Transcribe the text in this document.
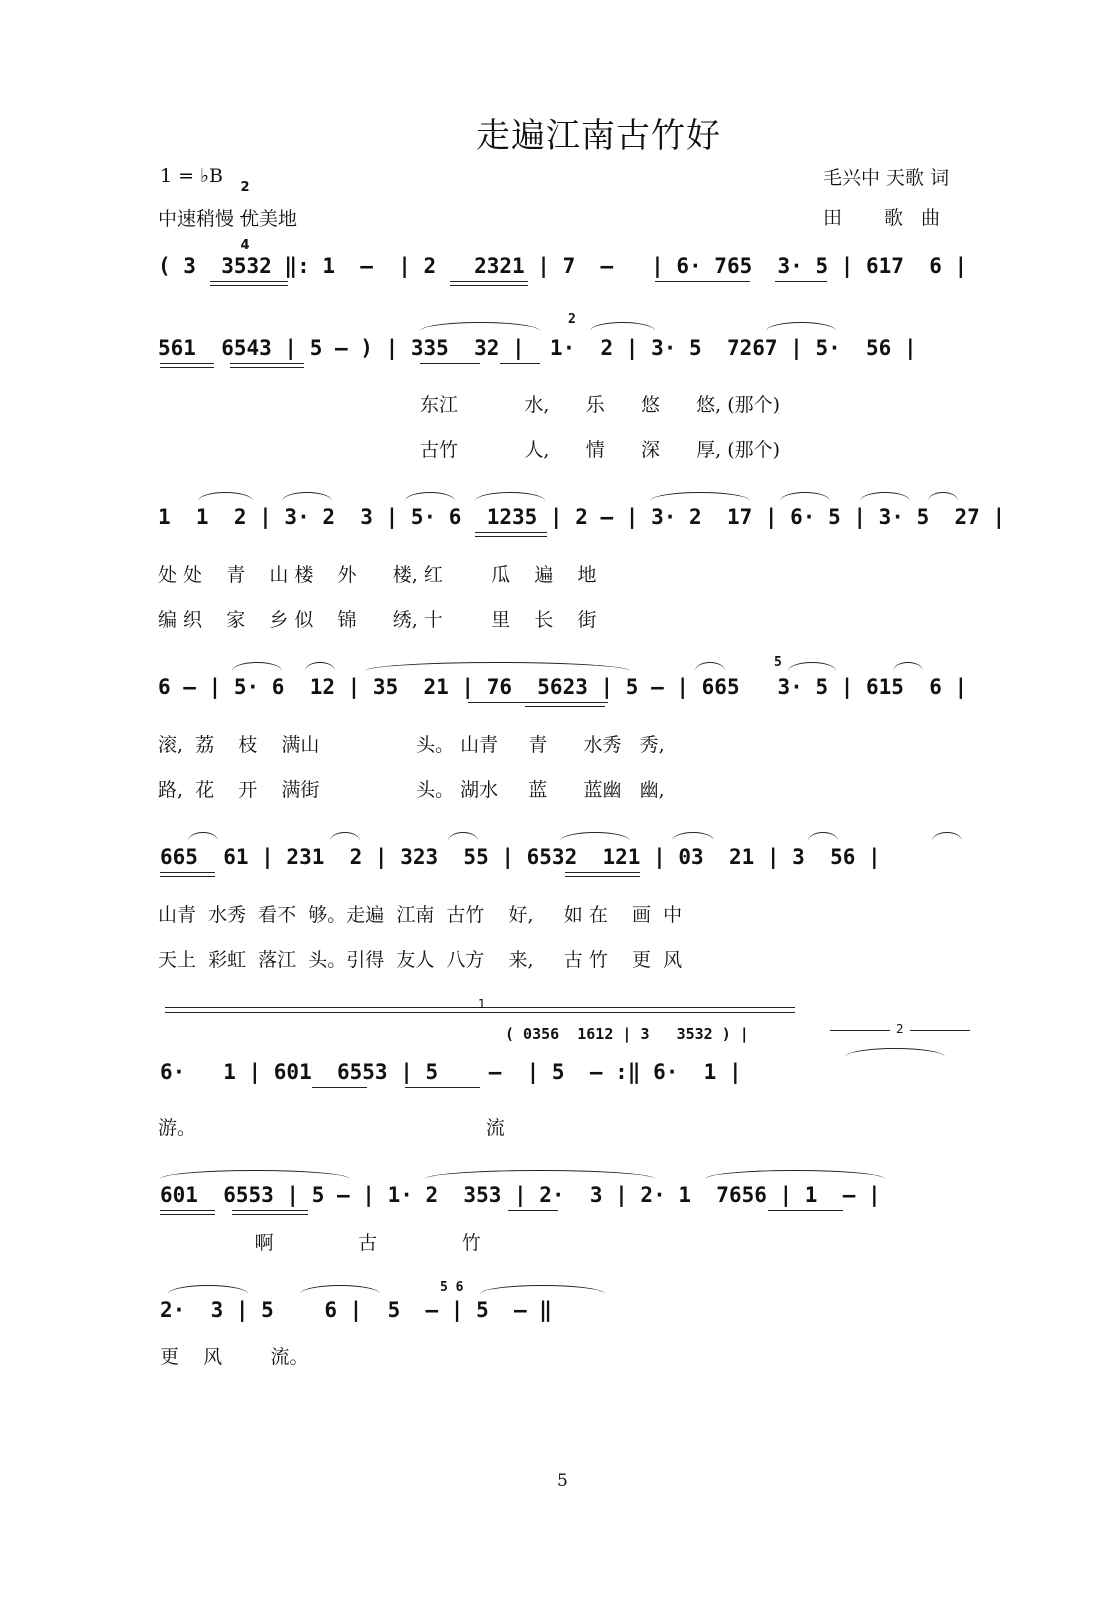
走遍江南古竹好
1 = ♭B

2

4

中速稍慢 优美地
毛兴中 天歌 词
田 歌曲
( 3  3532 ‖: 1  –  | 2   2321 | 7  –   | 6· 765  3· 5 | 617  6 |
561  6543 | 5 – ) | 335  32 |  1·  2 | 3· 5  7267 | 5·  56 |
2
东江           水,      乐      悠      悠, (那个)
古竹           人,      情      深      厚, (那个)
1  1  2 | 3· 2  3 | 5· 6  1235 | 2 – | 3· 2  17 | 6· 5 | 3· 5  27 |
处 处    青    山 楼    外      楼, 红        瓜    遍    地
编 织    家    乡 似    锦      绣, 十        里    长    街
6 – | 5· 6  12 | 35  21 | 76  5623 | 5 – | 665   3· 5 | 615  6 |
5
滚,  荔    枝    满山                头。 山青     青      水秀   秀,
路,  花    开    满街                头。 湖水     蓝      蓝幽   幽,
665  61 | 231  2 | 323  55 | 6532  121 | 03  21 | 3  56 |
山青  水秀  看不  够。走遍  江南  古竹    好,     如 在    画  中
天上  彩虹  落江  头。引得  友人  八方    来,     古 竹    更  风
1
( 0356  1612 | 3   3532 ) |	2
6·   1 | 601  6553 | 5    –  | 5  – :‖ 6·  1 |
游。                                                流
601  6553 | 5 – | 1· 2  353 | 2·  3 | 2· 1  7656 | 1  – |
啊              古              竹
5 6
2·  3 | 5    6 |  5  – | 5  – ‖
更    风        流。
5
